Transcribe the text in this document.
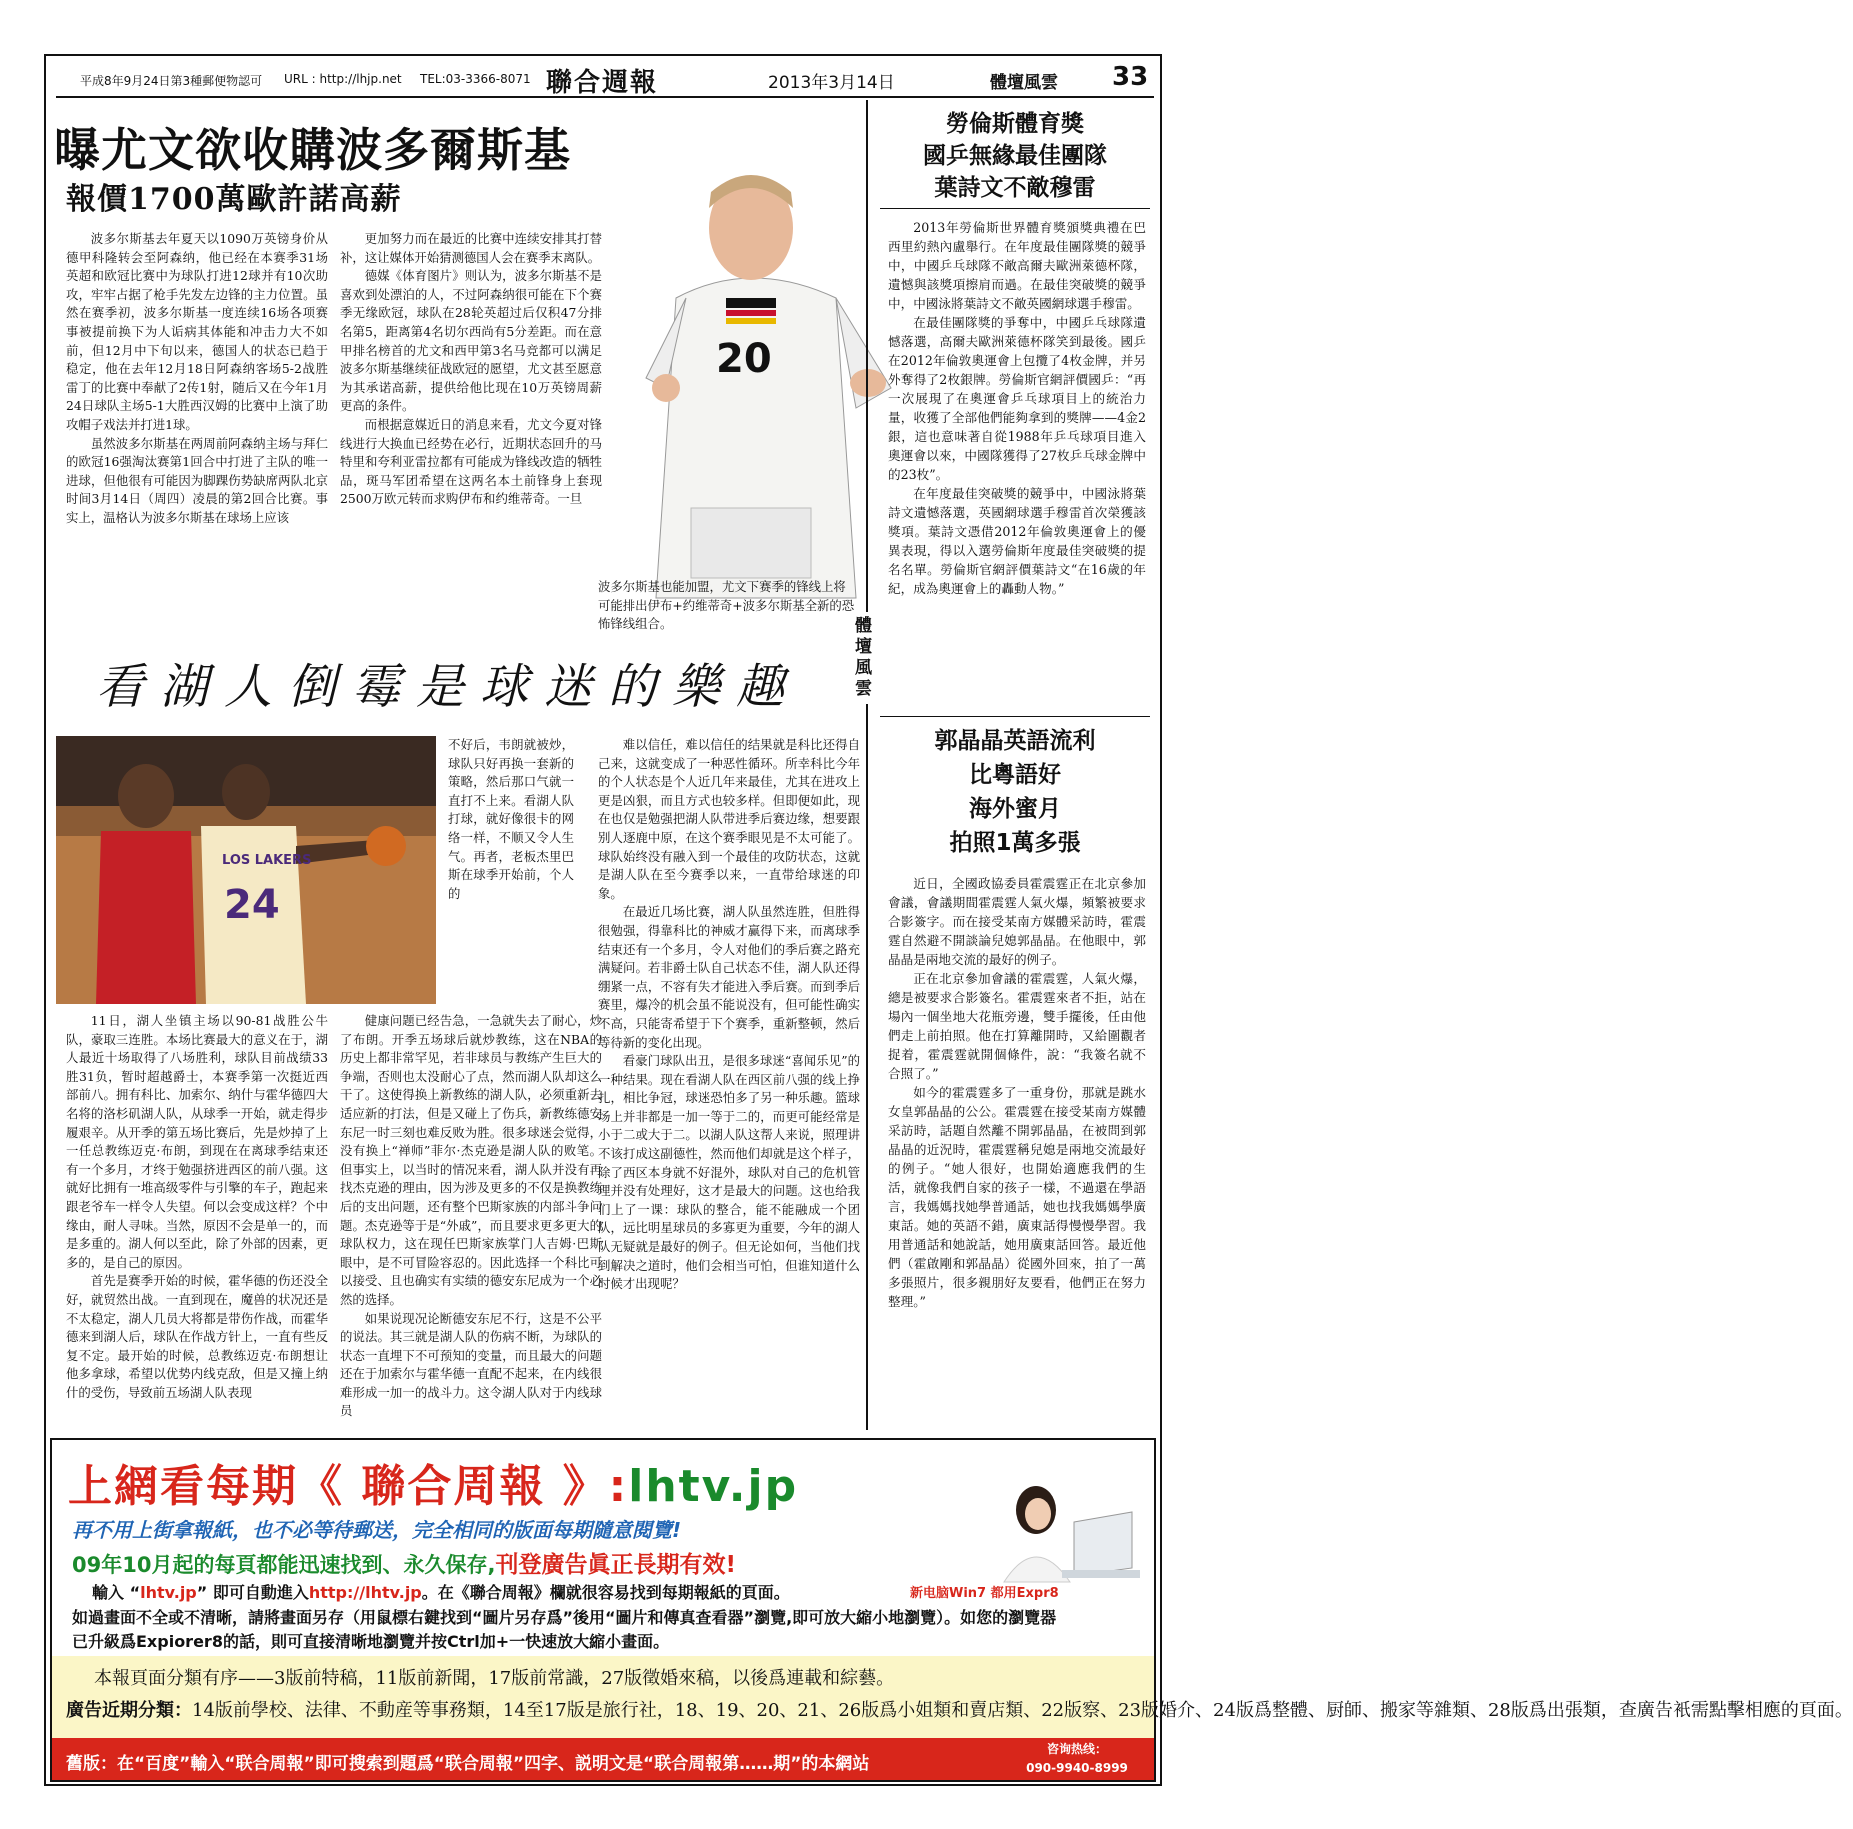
平成8年9月24日第3種郵便物認可 URL : http://lhjp.net TEL:03-3366-8071 聯合週報	2013年3月14日	體壇風雲 33
曝尤文欲收購波多爾斯基
報價1700萬歐許諾高薪

波多尔斯基去年夏天以1090万英镑身价从德甲科隆转会至阿森纳，他已经在本赛季31场英超和欧冠比赛中为球队打进12球并有10次助攻，牢牢占据了枪手先发左边锋的主力位置。虽然在赛季初，波多尔斯基一度连续16场各项赛事被提前换下为人诟病其体能和冲击力大不如前，但12月中下旬以来，德国人的状态已趋于稳定，他在去年12月18日阿森纳客场5-2战胜雷丁的比赛中奉献了2传1射，随后又在今年1月24日球队主场5-1大胜西汉姆的比赛中上演了助攻帽子戏法并打进1球。

虽然波多尔斯基在两周前阿森纳主场与拜仁的欧冠16强淘汰赛第1回合中打进了主队的唯一进球，但他很有可能因为脚踝伤势缺席两队北京时间3月14日（周四）凌晨的第2回合比赛。事实上，温格认为波多尔斯基在球场上应该

更加努力而在最近的比赛中连续安排其打替补，这让媒体开始猜测德国人会在赛季末离队。

德媒《体育图片》则认为，波多尔斯基不是喜欢到处漂泊的人，不过阿森纳很可能在下个赛季无缘欧冠，球队在28轮英超过后仅积47分排名第5，距离第4名切尔西尚有5分差距。而在意甲排名榜首的尤文和西甲第3名马竞都可以满足波多尔斯基继续征战欧冠的愿望，尤文甚至愿意为其承诺高薪，提供给他比现在10万英镑周薪更高的条件。

而根据意媒近日的消息来看，尤文今夏对锋线进行大换血已经势在必行，近期状态回升的马特里和夸利亚雷拉都有可能成为锋线改造的牺牲品，斑马军团希望在这两名本土前锋身上套现2500万欧元转而求购伊布和约维蒂奇。一旦

20
波多尔斯基也能加盟，尤文下赛季的锋线上将可能排出伊布+约维蒂奇+波多尔斯基全新的恐怖锋线组合。
看湖人倒霉是球迷的樂趣
LOS LAKERS
24

不好后，韦朗就被炒，球队只好再换一套新的策略，然后那口气就一直打不上来。看湖人队打球，就好像很卡的网络一样，不顺又令人生气。再者，老板杰里巴斯在球季开始前，个人的

11日，湖人坐镇主场以90-81战胜公牛队，豪取三连胜。本场比赛最大的意义在于，湖人最近十场取得了八场胜利，球队目前战绩33胜31负，暂时超越爵士，本赛季第一次挺近西部前八。拥有科比、加索尔、纳什与霍华德四大名将的洛杉矶湖人队，从球季一开始，就走得步履艰辛。从开季的第五场比赛后，先是炒掉了上一任总教练迈克·布朗，到现在在离球季结束还有一个多月，才终于勉强挤进西区的前八强。这就好比拥有一堆高级零件与引擎的车子，跑起来跟老爷车一样令人失望。何以会变成这样？个中缘由，耐人寻味。当然，原因不会是单一的，而是多重的。湖人何以至此，除了外部的因素，更多的，是自己的原因。

首先是赛季开始的时候，霍华德的伤还没全好，就贸然出战。一直到现在，魔兽的状况还是不太稳定，湖人几员大将都是带伤作战，而霍华德来到湖人后，球队在作战方针上，一直有些反复不定。最开始的时候，总教练迈克·布朗想让他多拿球，希望以优势内线克敌，但是又撞上纳什的受伤，导致前五场湖人队表现

健康问题已经告急，一急就失去了耐心，炒了布朗。开季五场球后就炒教练，这在NBA的历史上都非常罕见，若非球员与教练产生巨大的争端，否则也太没耐心了点，然而湖人队却这么干了。这使得换上新教练的湖人队，必须重新去适应新的打法，但是又碰上了伤兵，新教练德安东尼一时三刻也难反败为胜。很多球迷会觉得，没有换上“禅师”菲尔·杰克逊是湖人队的败笔。但事实上，以当时的情况来看，湖人队并没有再找杰克逊的理由，因为涉及更多的不仅是换教练后的支出问题，还有整个巴斯家族的内部斗争问题。杰克逊等于是“外戚”，而且要求更多更大的球队权力，这在现任巴斯家族掌门人吉姆·巴斯眼中，是不可冒险容忍的。因此选择一个科比可以接受、且也确实有实绩的德安东尼成为一个必然的选择。

如果说现况论断德安东尼不行，这是不公平的说法。其三就是湖人队的伤病不断，为球队的状态一直埋下不可预知的变量，而且最大的问题还在于加索尔与霍华德一直配不起来，在内线很难形成一加一的战斗力。这令湖人队对于内线球员

难以信任，难以信任的结果就是科比还得自己来，这就变成了一种恶性循环。所幸科比今年的个人状态是个人近几年来最佳，尤其在进攻上更是凶狠，而且方式也较多样。但即便如此，现在也仅是勉强把湖人队带进季后赛边缘，想要跟别人逐鹿中原，在这个赛季眼见是不太可能了。球队始终没有融入到一个最佳的攻防状态，这就是湖人队在至今赛季以来，一直带给球迷的印象。

在最近几场比赛，湖人队虽然连胜，但胜得很勉强，得靠科比的神威才赢得下来，而离球季结束还有一个多月，令人对他们的季后赛之路充满疑问。若非爵士队自己状态不佳，湖人队还得绷紧一点，不容有失才能进入季后赛。而到季后赛里，爆冷的机会虽不能说没有，但可能性确实不高，只能寄希望于下个赛季，重新整顿，然后等待新的变化出现。

看豪门球队出丑，是很多球迷“喜闻乐见”的一种结果。现在看湖人队在西区前八强的线上挣扎，相比争冠，球迷恐怕多了另一种乐趣。篮球场上并非都是一加一等于二的，而更可能经常是小于二或大于二。以湖人队这帮人来说，照理讲不该打成这副德性，然而他们却就是这个样子，除了西区本身就不好混外，球队对自己的危机管理并没有处理好，这才是最大的问题。这也给我们上了一课：球队的整合，能不能融成一个团队，远比明星球员的多寡更为重要，今年的湖人队无疑就是最好的例子。但无论如何，当他们找到解决之道时，他们会相当可怕，但谁知道什么时候才出现呢？

體壇風雲
勞倫斯體育獎
國乒無緣最佳團隊
葉詩文不敵穆雷

2013年勞倫斯世界體育獎頒獎典禮在巴西里約熱內盧舉行。在年度最佳團隊獎的競爭中，中國乒乓球隊不敵高爾夫歐洲萊德杯隊，遺憾與該獎項擦肩而過。在最佳突破獎的競爭中，中國泳將葉詩文不敵英國網球選手穆雷。

在最佳團隊獎的爭奪中，中國乒乓球隊遺憾落選，高爾夫歐洲萊德杯隊笑到最後。國乒在2012年倫敦奧運會上包攬了4枚金牌，并另外奪得了2枚銀牌。勞倫斯官網評價國乒：“再一次展現了在奧運會乒乓球項目上的統治力量，收獲了全部他們能夠拿到的獎牌——4金2銀，這也意味著自從1988年乒乓球項目進入奧運會以來，中國隊獲得了27枚乒乓球金牌中的23枚”。

在年度最佳突破獎的競爭中，中國泳將葉詩文遺憾落選，英國網球選手穆雷首次榮獲該獎項。葉詩文憑借2012年倫敦奧運會上的優異表現，得以入選勞倫斯年度最佳突破獎的提名名單。勞倫斯官網評價葉詩文“在16歲的年紀，成為奧運會上的轟動人物。”

郭晶晶英語流利
比粵語好
海外蜜月
拍照1萬多張

近日，全國政協委員霍震霆正在北京參加會議，會議期間霍震霆人氣火爆，頻繁被要求合影簽字。而在接受某南方媒體采訪時，霍震霆自然避不開談論兒媳郭晶晶。在他眼中，郭晶晶是兩地交流的最好的例子。

正在北京參加會議的霍震霆，人氣火爆，總是被要求合影簽名。霍震霆來者不拒，站在場內一個坐地大花瓶旁邊，雙手擺後，任由他們走上前拍照。他在打算離開時，又給圍觀者捉着，霍震霆就開個條件，說：“我簽名就不合照了。”

如今的霍震霆多了一重身份，那就是跳水女皇郭晶晶的公公。霍震霆在接受某南方媒體采訪時，話題自然離不開郭晶晶，在被問到郭晶晶的近況時，霍震霆稱兒媳是兩地交流最好的例子。“她人很好，也開始適應我們的生活，就像我們自家的孩子一樣，不過還在學語言，我媽媽找她學普通話，她也找我媽媽學廣東話。她的英語不錯，廣東話得慢慢學習。我用普通話和她說話，她用廣東話回答。最近他們（霍啟剛和郭晶晶）從國外回來，拍了一萬多張照片，很多親朋好友要看，他們正在努力整理。”

上網看每期《 聯合周報 》:lhtv.jp
再不用上街拿報紙，也不必等待郵送，完全相同的版面每期隨意閱覽!
09年10月起的每頁都能迅速找到、永久保存,刊登廣告眞正長期有效!
輸入 “lhtv.jp” 即可自動進入http://lhtv.jp。在《聯合周報》欄就很容易找到每期報紙的頁面。
如過畫面不全或不清晰，請將畫面另存（用鼠標右鍵找到“圖片另存爲”後用“圖片和傳真查看器”瀏覽,即可放大縮小地瀏覽）。如您的瀏覽器已升級爲Expiorer8的話，則可直接清晰地瀏覽并按Ctrl加+一快速放大縮小畫面。
新电脑Win7 都用Expr8
本報頁面分類有序——3版前特稿，11版前新聞，17版前常識，27版徵婚來稿，以後爲連載和綜藝。
廣告近期分類：14版前學校、法律、不動産等事務類，14至17版是旅行社，18、19、20、21、26版爲小姐類和賣店類、22版察、23版婚介、24版爲整體、厨師、搬家等雜類、28版爲出張類，查廣告衹需點擊相應的頁面。
舊版：在“百度”輸入“联合周報”即可搜索到題爲“联合周報”四字、説明文是“联合周報第……期”的本網站
咨询热线：
090-9940-8999
